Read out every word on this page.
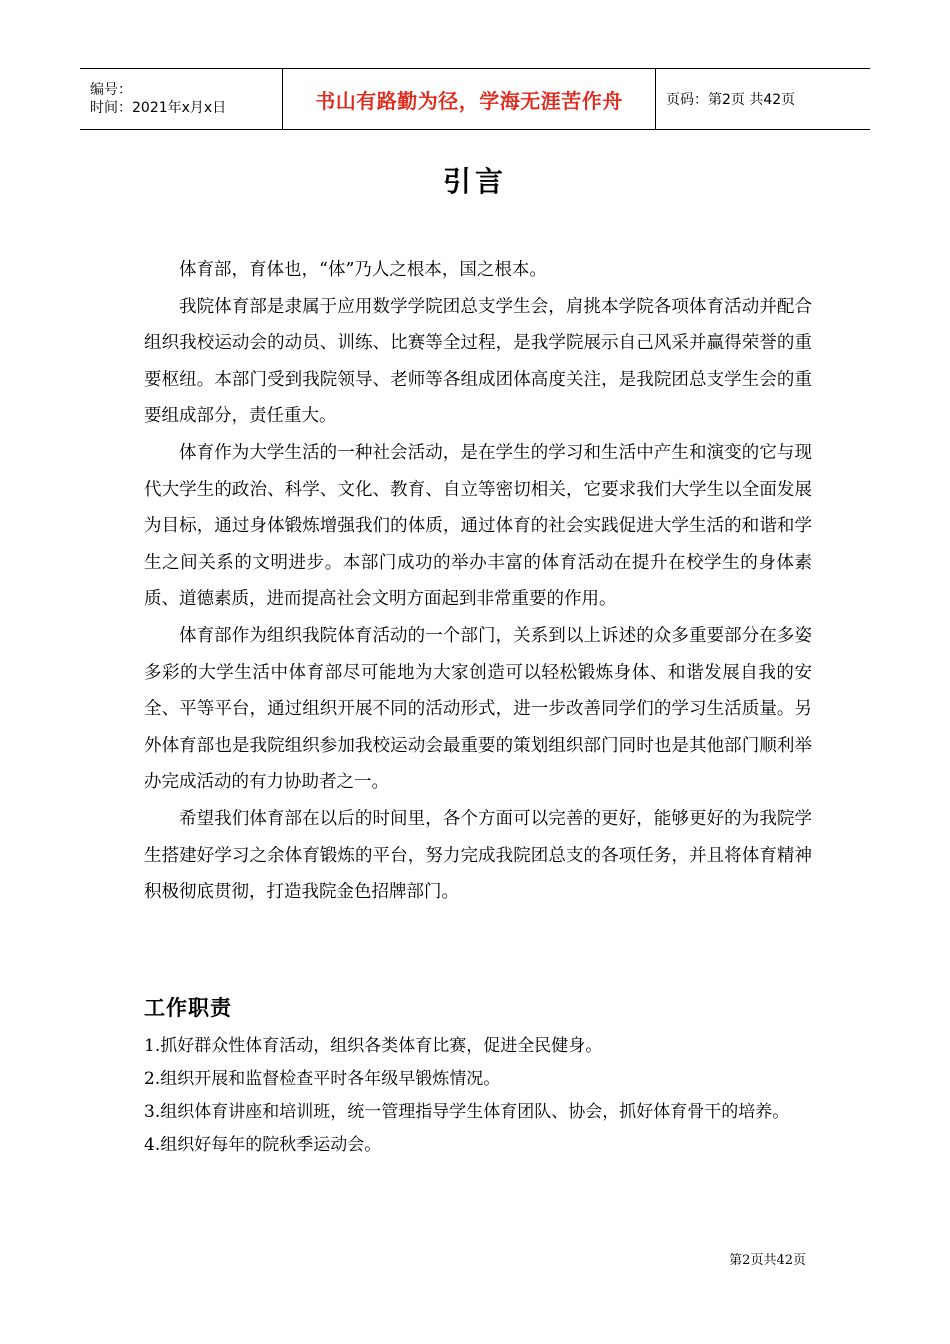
编号：
时间：2021年x月x日	书山有路勤为径，学海无涯苦作舟	页码：第2页 共42页
引言

体育部，育体也，“体”乃人之根本，国之根本。

我院体育部是隶属于应用数学学院团总支学生会，肩挑本学院各项体育活动并配合组织我校运动会的动员、训练、比赛等全过程，是我学院展示自己风采并赢得荣誉的重要枢纽。本部门受到我院领导、老师等各组成团体高度关注，是我院团总支学生会的重要组成部分，责任重大。

体育作为大学生活的一种社会活动，是在学生的学习和生活中产生和演变的它与现代大学生的政治、科学、文化、教育、自立等密切相关，它要求我们大学生以全面发展为目标，通过身体锻炼增强我们的体质，通过体育的社会实践促进大学生活的和谐和学生之间关系的文明进步。本部门成功的举办丰富的体育活动在提升在校学生的身体素质、道德素质，进而提高社会文明方面起到非常重要的作用。

体育部作为组织我院体育活动的一个部门，关系到以上诉述的众多重要部分在多姿多彩的大学生活中体育部尽可能地为大家创造可以轻松锻炼身体、和谐发展自我的安全、平等平台，通过组织开展不同的活动形式，进一步改善同学们的学习生活质量。另外体育部也是我院组织参加我校运动会最重要的策划组织部门同时也是其他部门顺利举办完成活动的有力协助者之一。

希望我们体育部在以后的时间里，各个方面可以完善的更好，能够更好的为我院学生搭建好学习之余体育锻炼的平台，努力完成我院团总支的各项任务，并且将体育精神积极彻底贯彻，打造我院金色招牌部门。

工作职责

1.抓好群众性体育活动，组织各类体育比赛，促进全民健身。

2.组织开展和监督检查平时各年级早锻炼情况。

3.组织体育讲座和培训班，统一管理指导学生体育团队、协会，抓好体育骨干的培养。

4.组织好每年的院秋季运动会。

第2页共42页
